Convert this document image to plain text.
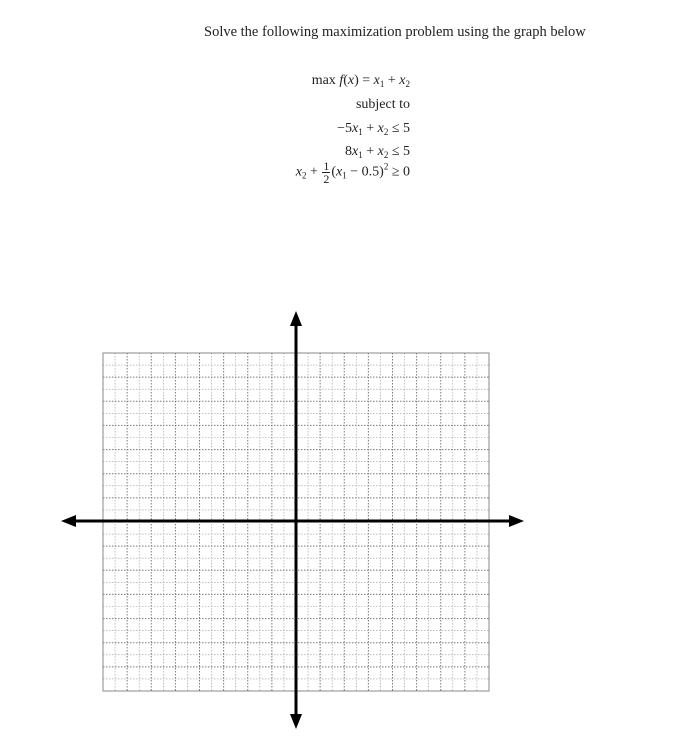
Solve the following maximization problem using the graph below
$\max f(x) = x_1 + x_2$
subject to
$-5x_1 + x_2 \le 5$
$8x_1 + x_2 \le 5$
$x_2 + \frac{1}{2} (x_1 - 0.5)^2 \ge 0$
